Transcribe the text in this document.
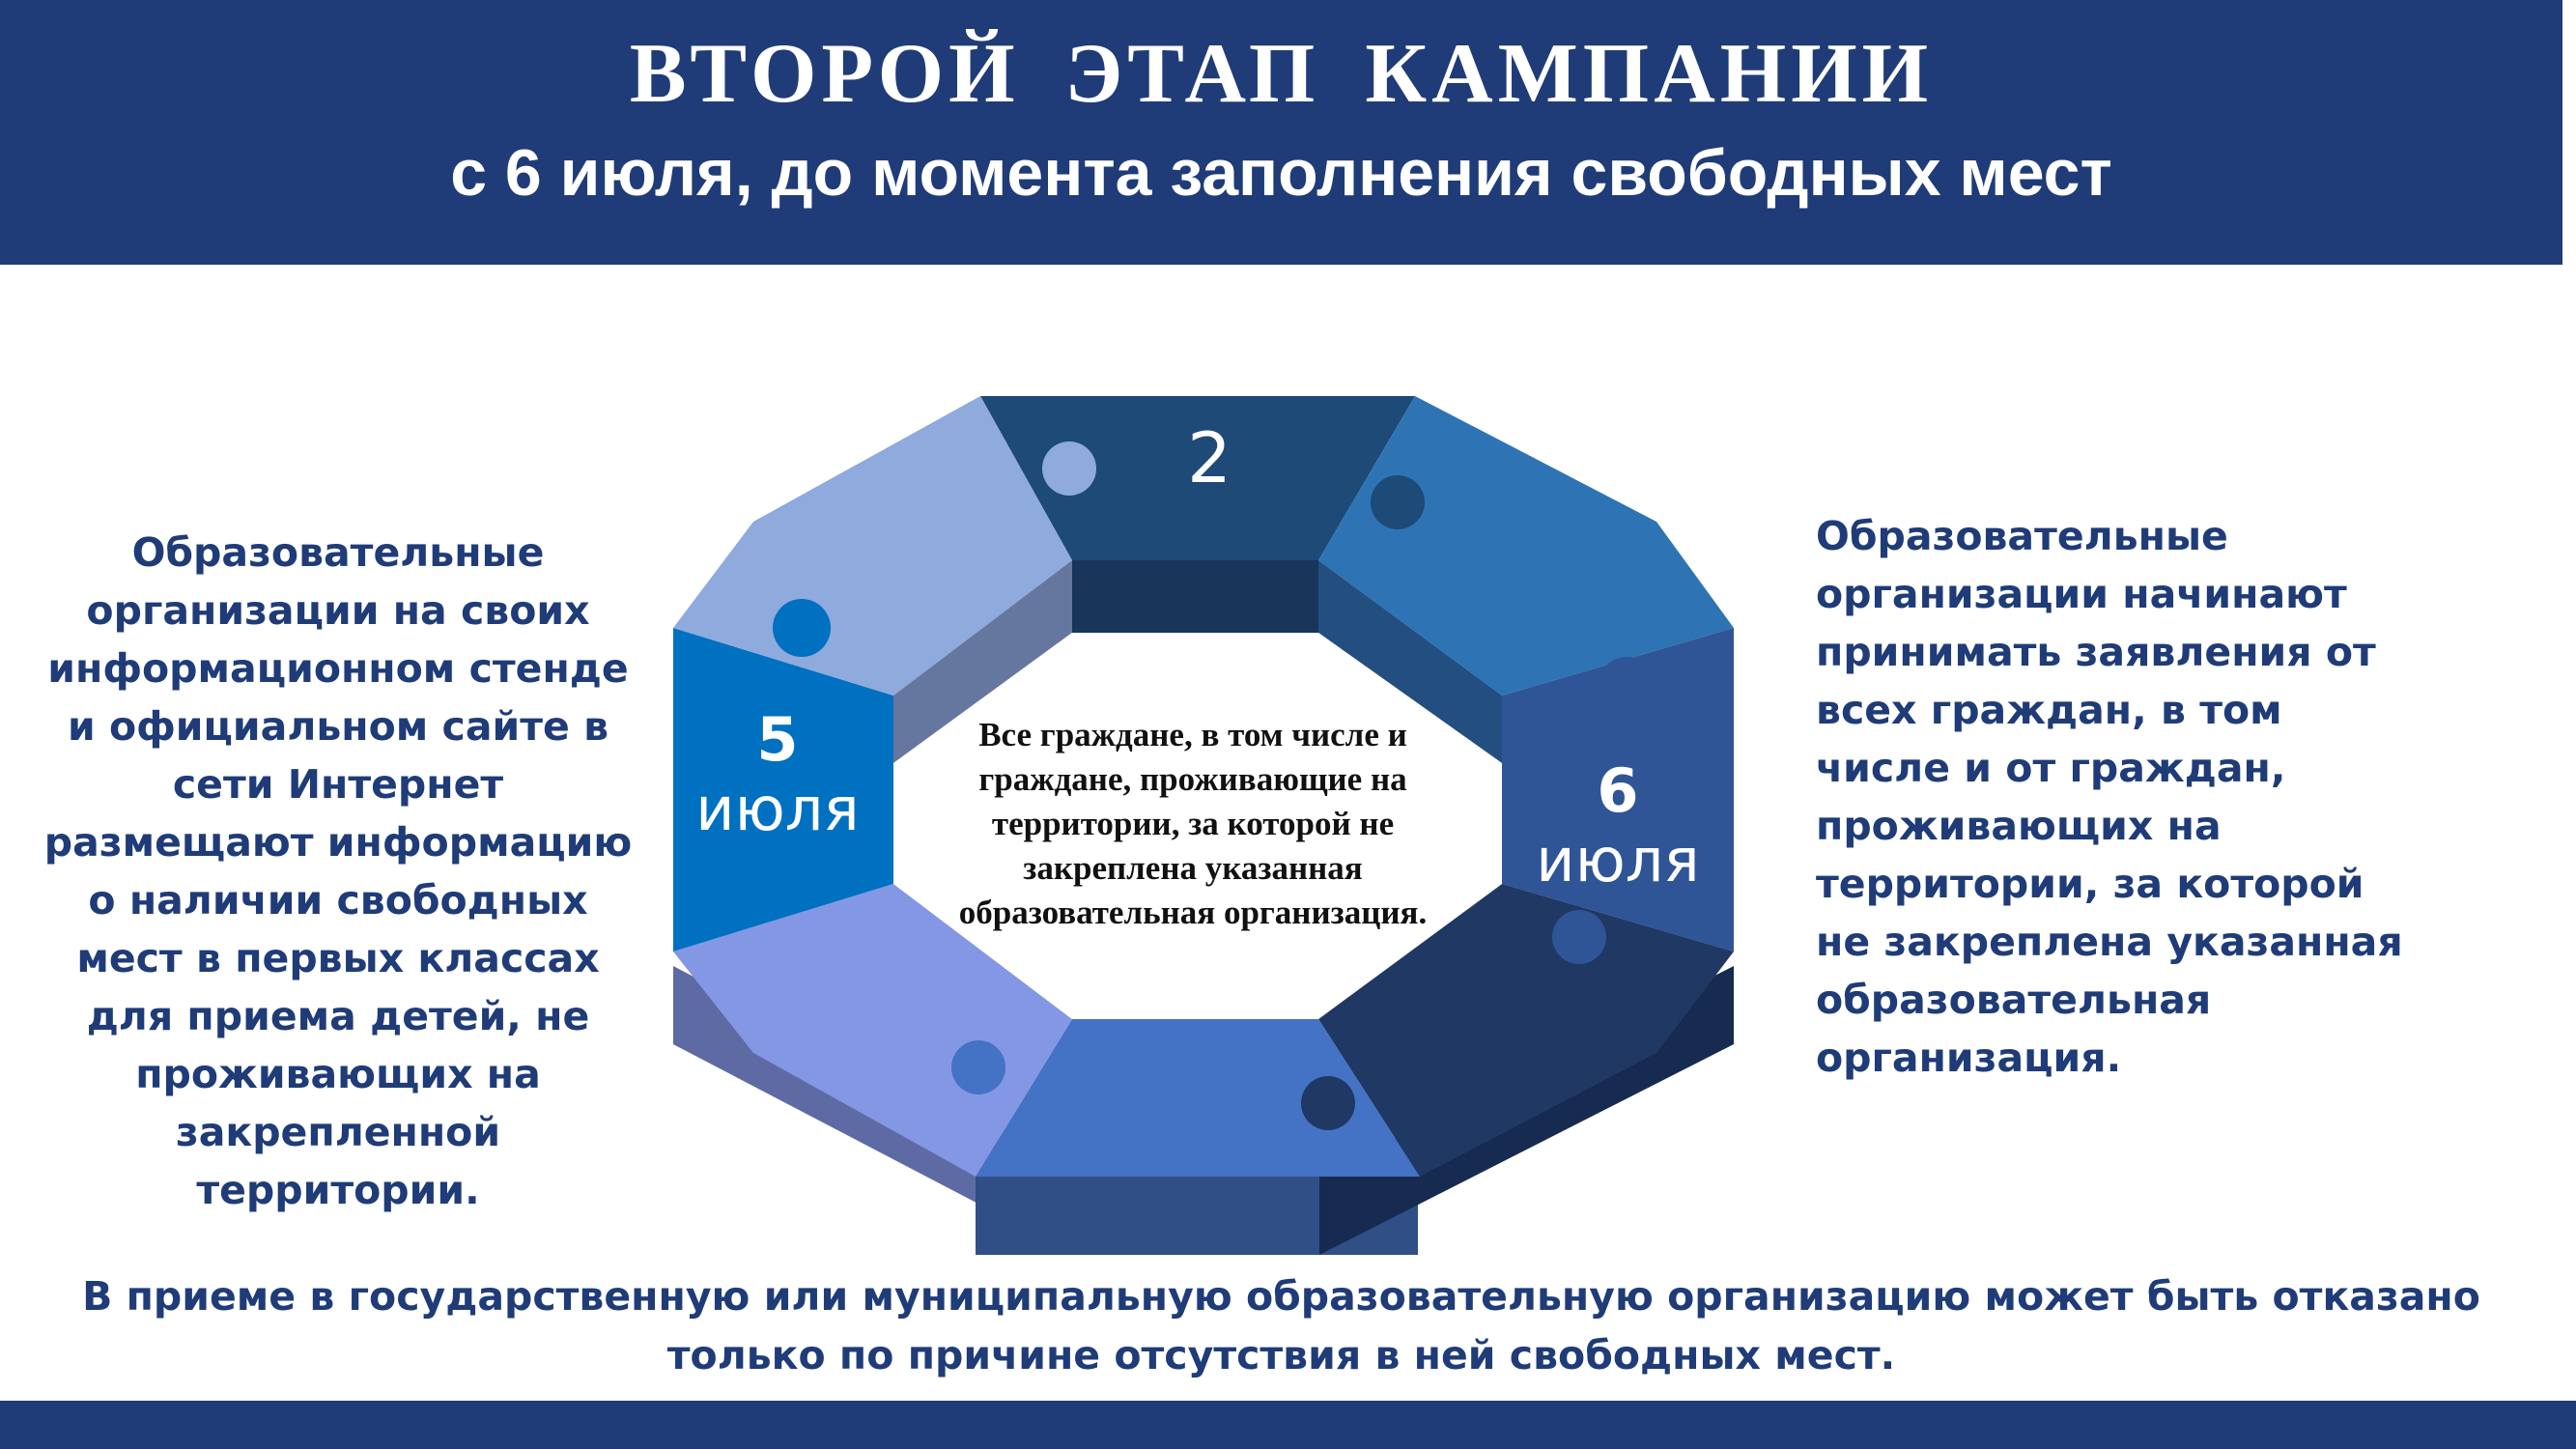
ВТОРОЙ ЭТАП КАМПАНИИ
с 6 июля, до момента заполнения свободных мест
Образовательные организации на своих информационном стенде и официальном сайте в сети Интернет размещают информацию о наличии свободных мест в первых классах для приема детей, не проживающих на закрепленной территории.
2
5
июля	6
июля
Все граждане, в том числе и граждане, проживающие на территории, за которой не закреплена указанная образовательная организация.
Образовательные организации начинают принимать заявления от всех граждан, в том числе и от граждан, проживающих на территории, за которой не закреплена указанная образовательная организация.
В приеме в государственную или муниципальную образовательную организацию может быть отказано
только по причине отсутствия в ней свободных мест.
